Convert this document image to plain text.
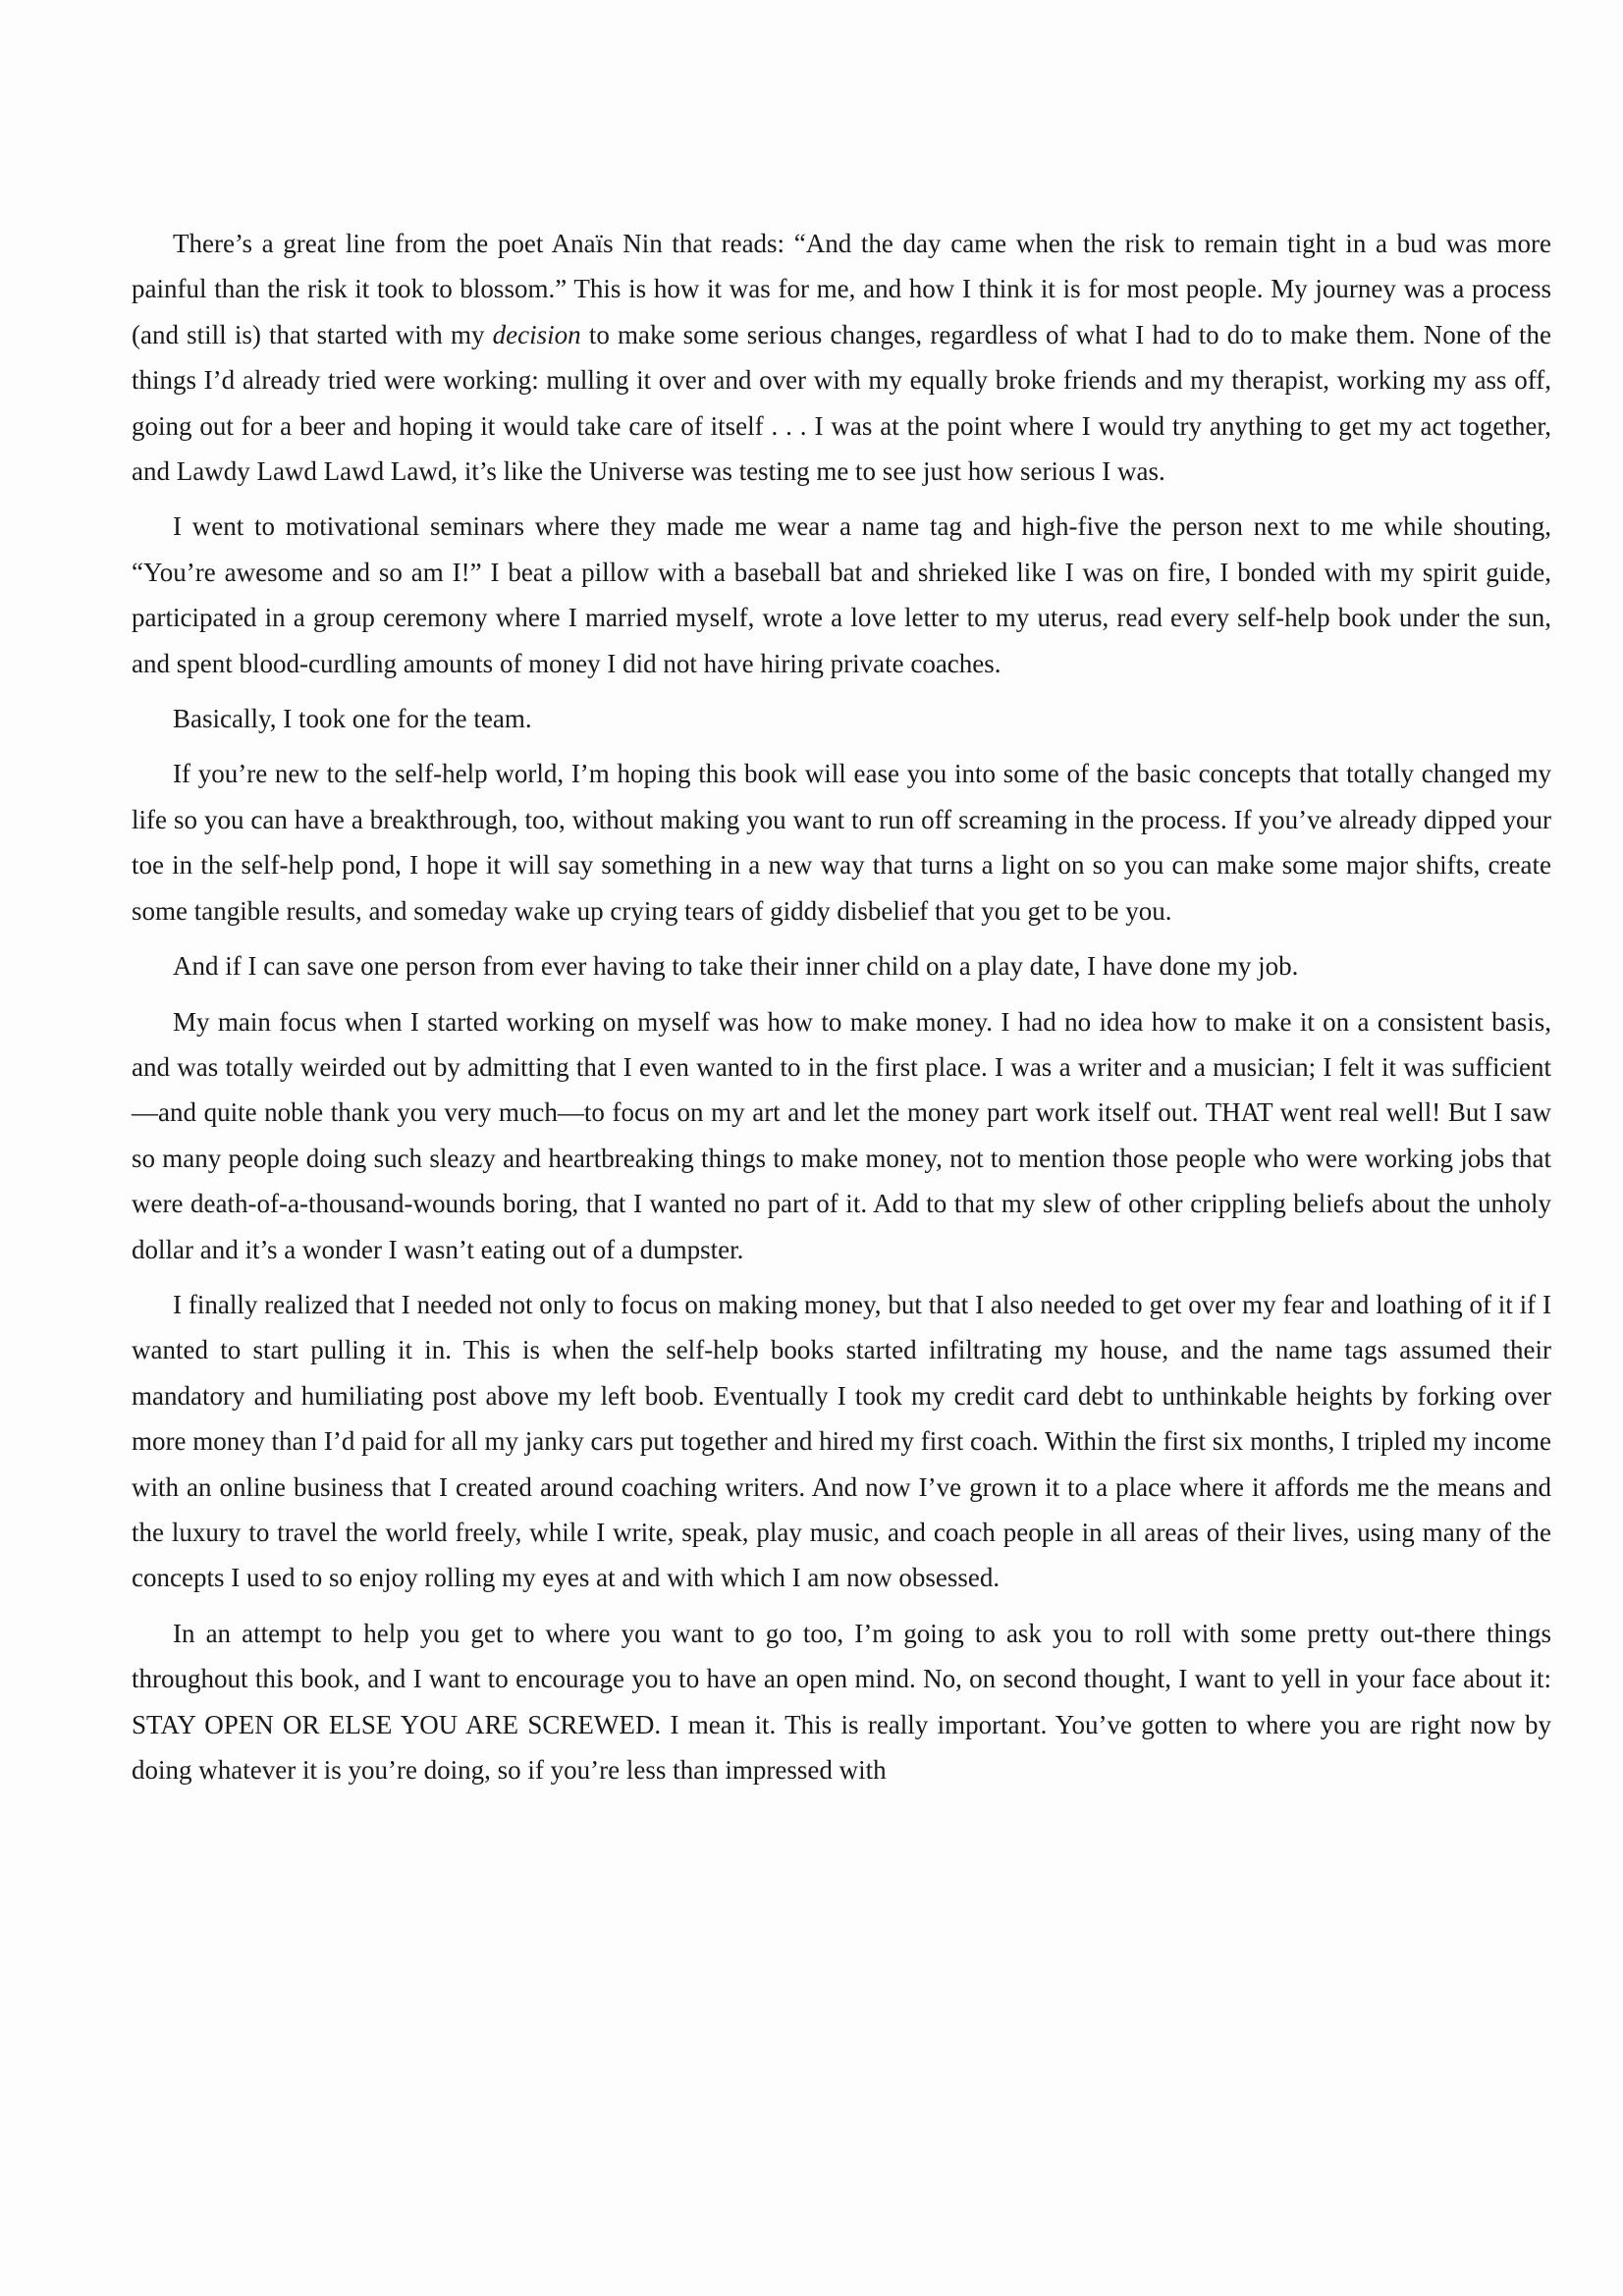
There’s a great line from the poet Anaïs Nin that reads: “And the day came when the risk to remain tight in a bud was more painful than the risk it took to blossom.” This is how it was for me, and how I think it is for most people. My journey was a process (and still is) that started with my decision to make some serious changes, regardless of what I had to do to make them. None of the things I’d already tried were working: mulling it over and over with my equally broke friends and my therapist, working my ass off, going out for a beer and hoping it would take care of itself . . . I was at the point where I would try anything to get my act together, and Lawdy Lawd Lawd Lawd, it’s like the Universe was testing me to see just how serious I was.

I went to motivational seminars where they made me wear a name tag and high-five the person next to me while shouting, “You’re awesome and so am I!” I beat a pillow with a baseball bat and shrieked like I was on fire, I bonded with my spirit guide, participated in a group ceremony where I married myself, wrote a love letter to my uterus, read every self-help book under the sun, and spent blood-curdling amounts of money I did not have hiring private coaches.

Basically, I took one for the team.

If you’re new to the self-help world, I’m hoping this book will ease you into some of the basic concepts that totally changed my life so you can have a breakthrough, too, without making you want to run off screaming in the process. If you’ve already dipped your toe in the self-help pond, I hope it will say something in a new way that turns a light on so you can make some major shifts, create some tangible results, and someday wake up crying tears of giddy disbelief that you get to be you.

And if I can save one person from ever having to take their inner child on a play date, I have done my job.

My main focus when I started working on myself was how to make money. I had no idea how to make it on a consistent basis, and was totally weirded out by admitting that I even wanted to in the first place. I was a writer and a musician; I felt it was sufficient—and quite noble thank you very much—to focus on my art and let the money part work itself out. THAT went real well! But I saw so many people doing such sleazy and heartbreaking things to make money, not to mention those people who were working jobs that were death-of-a-thousand-wounds boring, that I wanted no part of it. Add to that my slew of other crippling beliefs about the unholy dollar and it’s a wonder I wasn’t eating out of a dumpster.

I finally realized that I needed not only to focus on making money, but that I also needed to get over my fear and loathing of it if I wanted to start pulling it in. This is when the self-help books started infiltrating my house, and the name tags assumed their mandatory and humiliating post above my left boob. Eventually I took my credit card debt to unthinkable heights by forking over more money than I’d paid for all my janky cars put together and hired my first coach. Within the first six months, I tripled my income with an online business that I created around coaching writers. And now I’ve grown it to a place where it affords me the means and the luxury to travel the world freely, while I write, speak, play music, and coach people in all areas of their lives, using many of the concepts I used to so enjoy rolling my eyes at and with which I am now obsessed.

In an attempt to help you get to where you want to go too, I’m going to ask you to roll with some pretty out-there things throughout this book, and I want to encourage you to have an open mind. No, on second thought, I want to yell in your face about it: STAY OPEN OR ELSE YOU ARE SCREWED. I mean it. This is really important. You’ve gotten to where you are right now by doing whatever it is you’re doing, so if you’re less than impressed with
